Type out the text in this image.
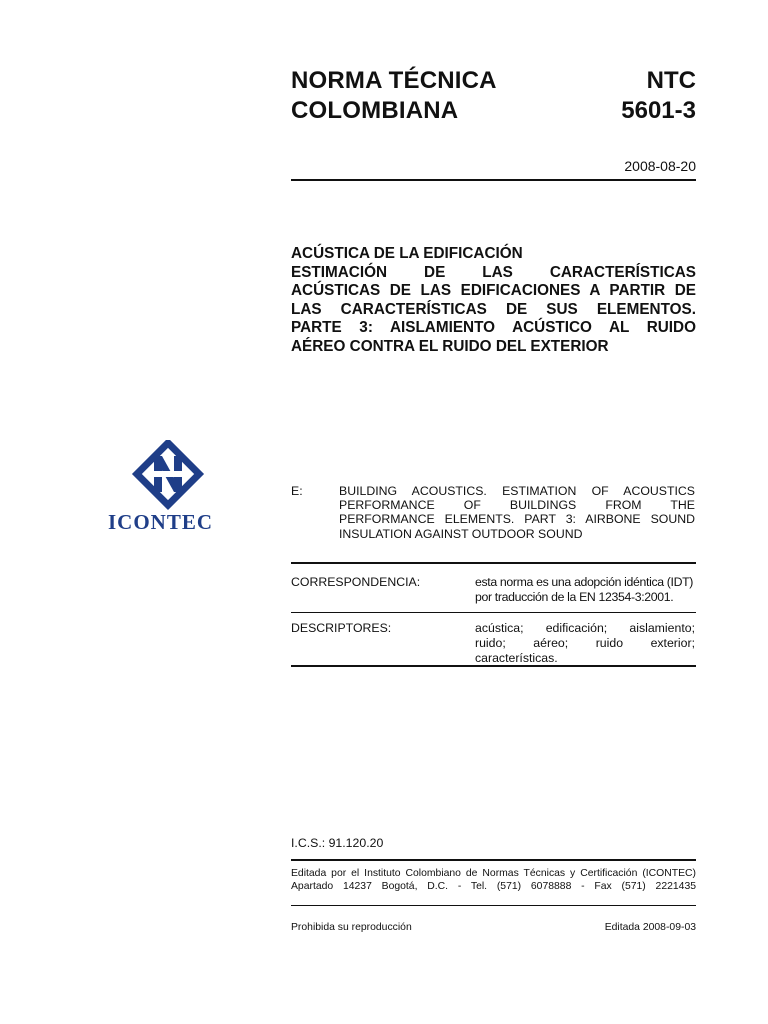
NORMA TÉCNICA
COLOMBIANA
NTC
5601-3
2008-08-20
ACÚSTICA DE LA EDIFICACIÓN
ESTIMACIÓN DE LAS CARACTERÍSTICAS
ACÚSTICAS DE LAS EDIFICACIONES A PARTIR DE
LAS CARACTERÍSTICAS DE SUS ELEMENTOS.
PARTE 3: AISLAMIENTO ACÚSTICO AL RUIDO
AÉREO CONTRA EL RUIDO DEL EXTERIOR
ICONTEC
E:	BUILDING ACOUSTICS. ESTIMATION OF ACOUSTICS
PERFORMANCE OF BUILDINGS FROM THE
PERFORMANCE ELEMENTS. PART 3: AIRBONE SOUND
INSULATION AGAINST OUTDOOR SOUND
CORRESPONDENCIA:	esta norma es una adopción idéntica (IDT)
por traducción de la EN 12354-3:2001.
DESCRIPTORES:	acústica; edificación; aislamiento;
ruido; aéreo; ruido exterior;
características.
I.C.S.: 91.120.20
Editada por el Instituto Colombiano de Normas Técnicas y Certificación (ICONTEC)
Apartado 14237 Bogotá, D.C. - Tel. (571) 6078888 - Fax (571) 2221435
Prohibida su reproducción	Editada 2008-09-03
